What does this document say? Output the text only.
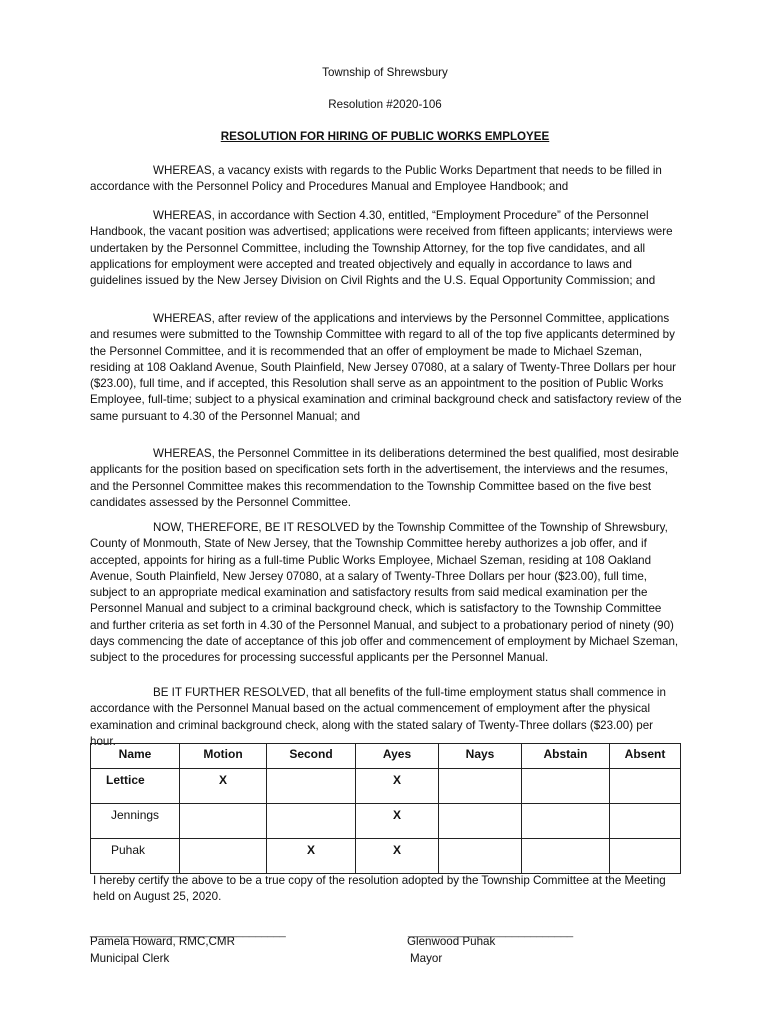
Township of Shrewsbury
Resolution #2020-106
RESOLUTION FOR HIRING OF PUBLIC WORKS EMPLOYEE

WHEREAS, a vacancy exists with regards to the Public Works Department that needs to be filled in accordance with the Personnel Policy and Procedures Manual and Employee Handbook; and

WHEREAS, in accordance with Section 4.30, entitled, “Employment Procedure” of the Personnel Handbook, the vacant position was advertised; applications were received from fifteen applicants; interviews were undertaken by the Personnel Committee, including the Township Attorney, for the top five candidates, and all applications for employment were accepted and treated objectively and equally in accordance to laws and guidelines issued by the New Jersey Division on Civil Rights and the U.S. Equal Opportunity Commission; and

WHEREAS, after review of the applications and interviews by the Personnel Committee, applications and resumes were submitted to the Township Committee with regard to all of the top five applicants determined by the Personnel Committee, and it is recommended that an offer of employment be made to Michael Szeman, residing at 108 Oakland Avenue, South Plainfield, New Jersey 07080, at a salary of Twenty-Three Dollars per hour ($23.00), full time, and if accepted, this Resolution shall serve as an appointment to the position of Public Works Employee, full-time; subject to a physical examination and criminal background check and satisfactory review of the same pursuant to 4.30 of the Personnel Manual; and

WHEREAS, the Personnel Committee in its deliberations determined the best qualified, most desirable applicants for the position based on specification sets forth in the advertisement, the interviews and the resumes, and the Personnel Committee makes this recommendation to the Township Committee based on the five best candidates assessed by the Personnel Committee.

NOW, THEREFORE, BE IT RESOLVED by the Township Committee of the Township of Shrewsbury, County of Monmouth, State of New Jersey, that the Township Committee hereby authorizes a job offer, and if accepted, appoints for hiring as a full-time Public Works Employee, Michael Szeman, residing at 108 Oakland Avenue, South Plainfield, New Jersey 07080, at a salary of Twenty-Three Dollars per hour ($23.00), full time, subject to an appropriate medical examination and satisfactory results from said medical examination per the Personnel Manual and subject to a criminal background check, which is satisfactory to the Township Committee and further criteria as set forth in 4.30 of the Personnel Manual, and subject to a probationary period of ninety (90) days commencing the date of acceptance of this job offer and commencement of employment by Michael Szeman, subject to the procedures for processing successful applicants per the Personnel Manual.

BE IT FURTHER RESOLVED, that all benefits of the full-time employment status shall commence in accordance with the Personnel Manual based on the actual commencement of employment after the physical examination and criminal background check, along with the stated salary of Twenty-Three dollars ($23.00) per hour.

Name	Motion	Second	Ayes	Nays	Abstain	Absent
Lettice	X		X			
Jennings			X			
Puhak		X	X			

I hereby certify the above to be a true copy of the resolution adopted by the Township Committee at the Meeting held on August 25, 2020.

________________________________	___________________________
Pamela Howard, RMC,CMR
Municipal Clerk
Glenwood Puhak
Mayor
